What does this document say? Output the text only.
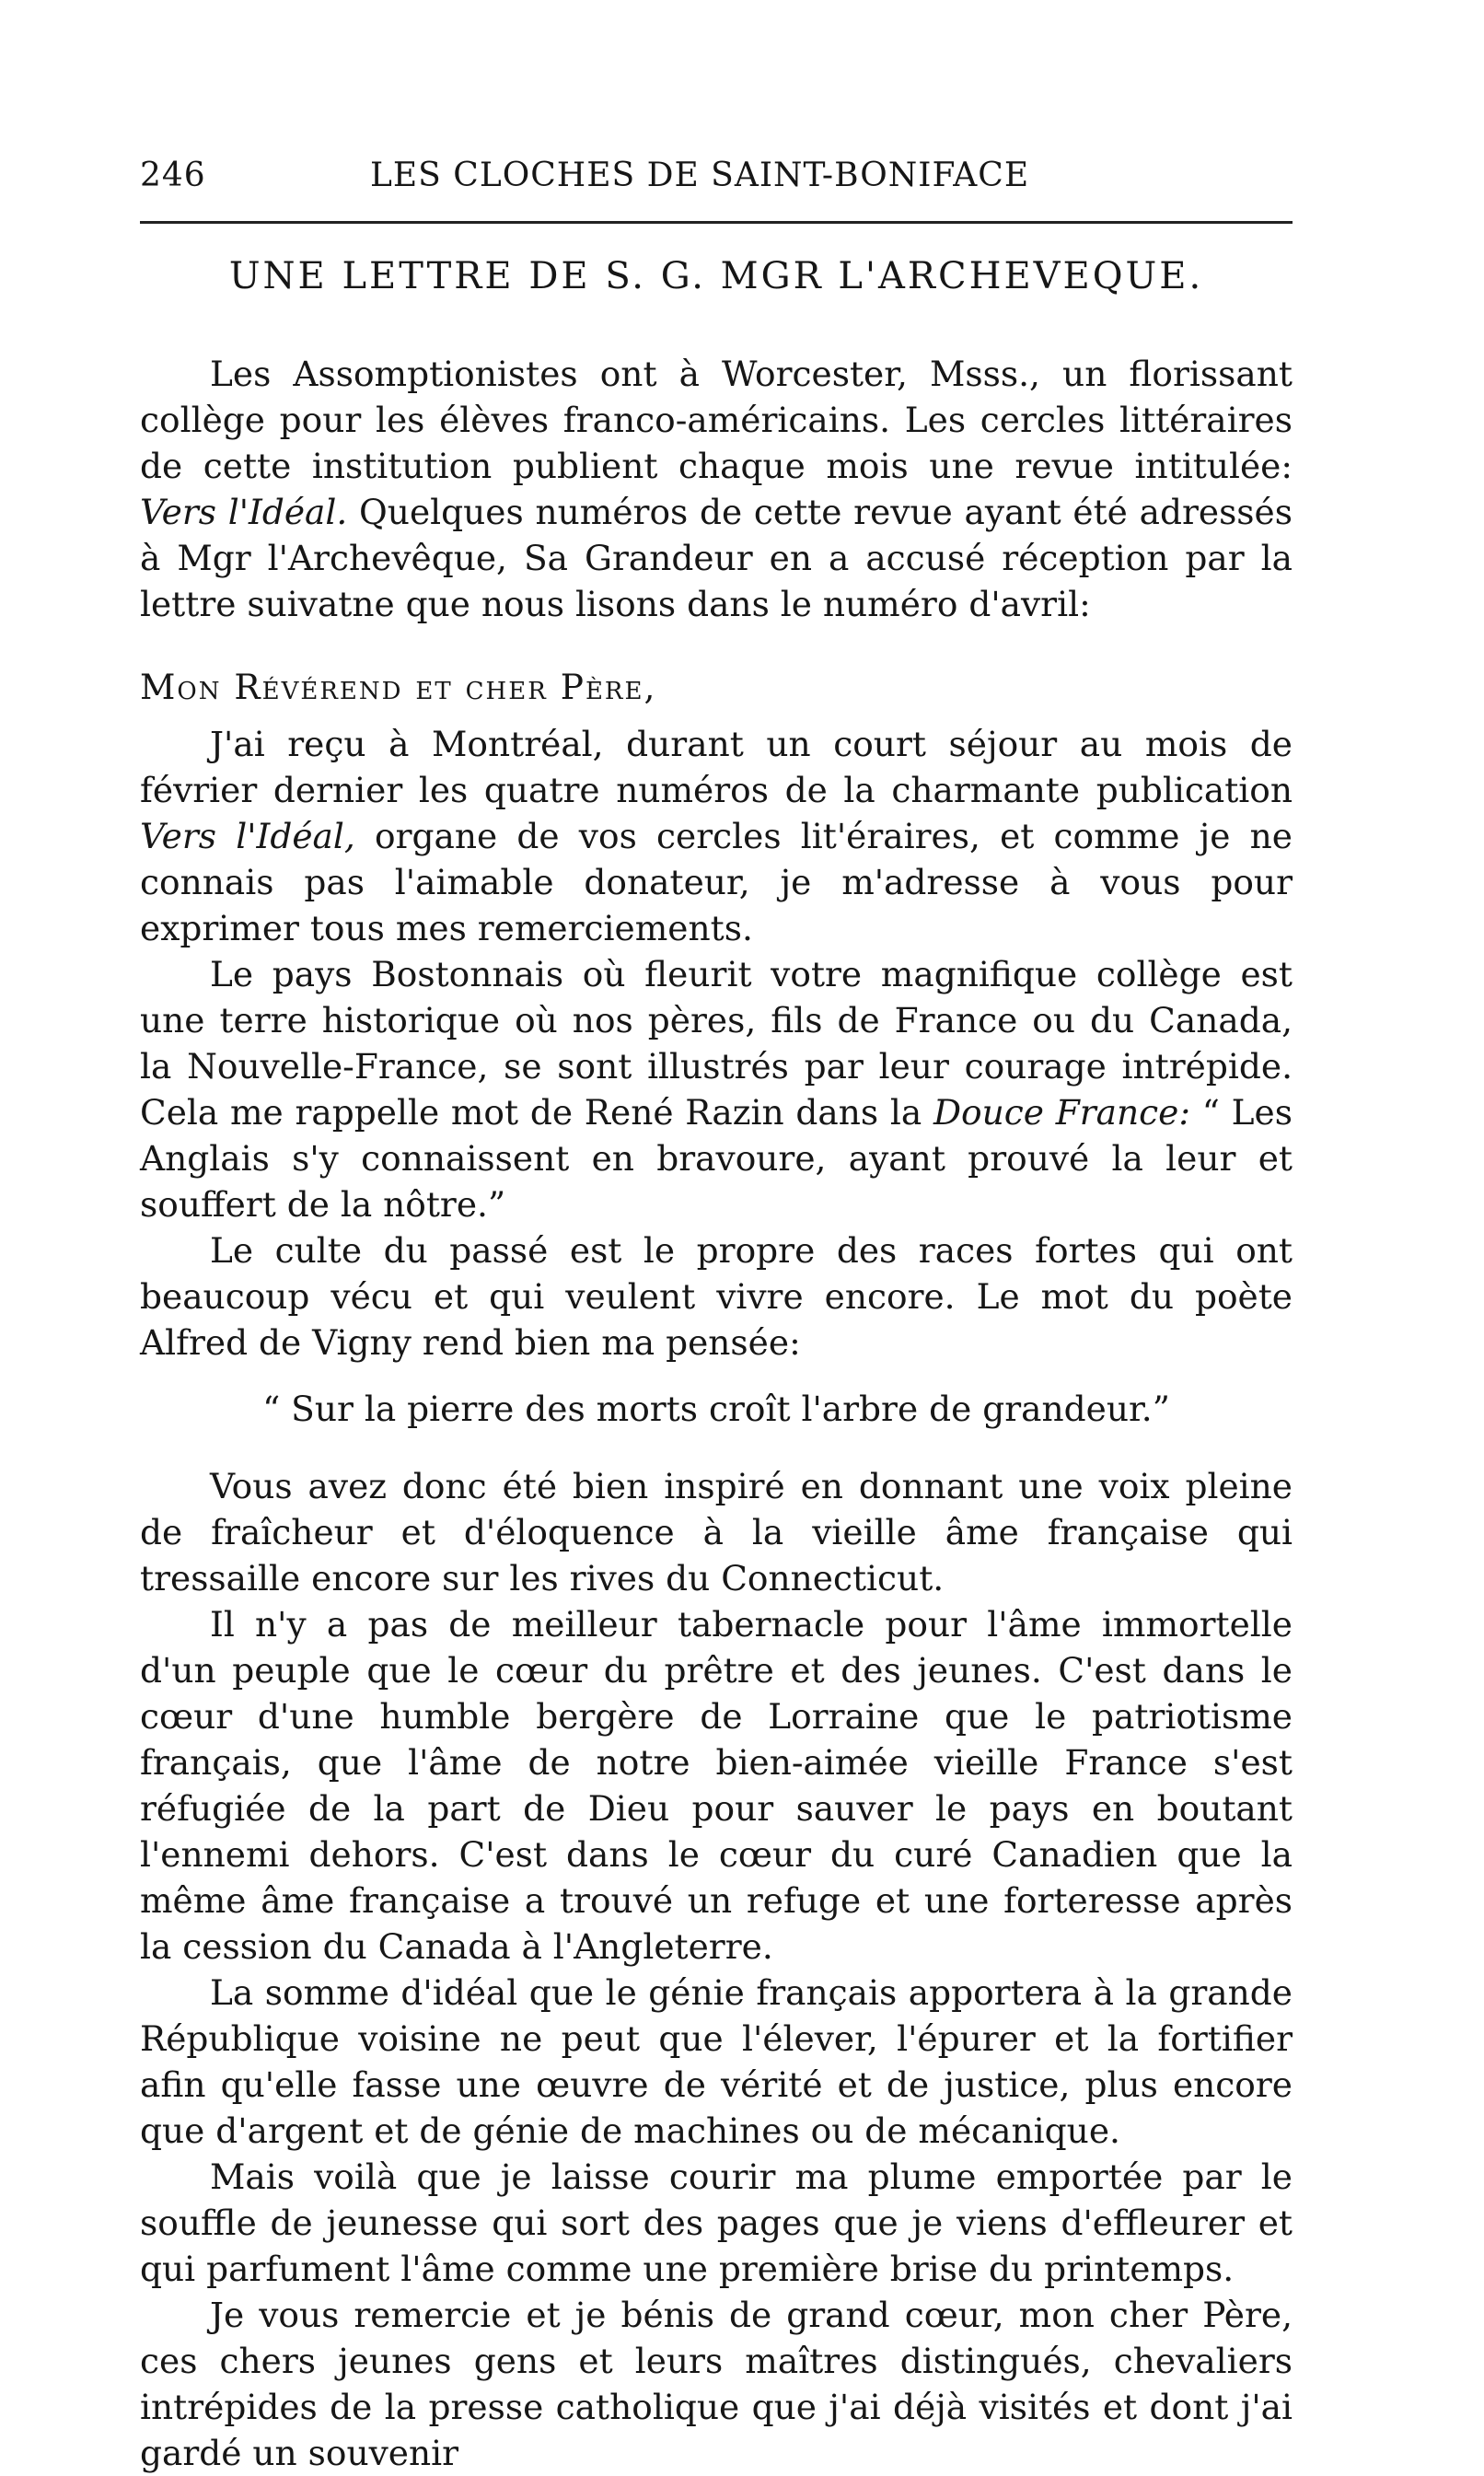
246	LES CLOCHES DE SAINT-BONIFACE
UNE LETTRE DE S. G. MGR L'ARCHEVEQUE.

Les Assomptionistes ont à Worcester, Msss., un florissant collège pour les élèves franco-américains. Les cercles littéraires de cette institution publient chaque mois une revue intitulée: Vers l'Idéal. Quelques numéros de cette revue ayant été adressés à Mgr l'Archevêque, Sa Grandeur en a accusé réception par la lettre suivatne que nous lisons dans le numéro d'avril:

Mon Révérend et cher Père,

J'ai reçu à Montréal, durant un court séjour au mois de février dernier les quatre numéros de la charmante publication Vers l'Idéal, organe de vos cercles lit'éraires, et comme je ne connais pas l'aimable donateur, je m'adresse à vous pour exprimer tous mes remerciements.

Le pays Bostonnais où fleurit votre magnifique collège est une terre historique où nos pères, fils de France ou du Canada, la Nouvelle-France, se sont illustrés par leur courage intrépide. Cela me rappelle mot de René Razin dans la Douce France: “ Les Anglais s'y connaissent en bravoure, ayant prouvé la leur et souffert de la nôtre.”

Le culte du passé est le propre des races fortes qui ont beaucoup vécu et qui veulent vivre encore. Le mot du poète Alfred de Vigny rend bien ma pensée:

“ Sur la pierre des morts croît l'arbre de grandeur.”

Vous avez donc été bien inspiré en donnant une voix pleine de fraîcheur et d'éloquence à la vieille âme française qui tressaille encore sur les rives du Connecticut.

Il n'y a pas de meilleur tabernacle pour l'âme immortelle d'un peuple que le cœur du prêtre et des jeunes. C'est dans le cœur d'une humble bergère de Lorraine que le patriotisme français, que l'âme de notre bien-aimée vieille France s'est réfugiée de la part de Dieu pour sauver le pays en boutant l'ennemi dehors. C'est dans le cœur du curé Canadien que la même âme française a trouvé un refuge et une forteresse après la cession du Canada à l'Angleterre.

La somme d'idéal que le génie français apportera à la grande République voisine ne peut que l'élever, l'épurer et la fortifier afin qu'elle fasse une œuvre de vérité et de justice, plus encore que d'argent et de génie de machines ou de mécanique.

Mais voilà que je laisse courir ma plume emportée par le souffle de jeunesse qui sort des pages que je viens d'effleurer et qui parfument l'âme comme une première brise du printemps.

Je vous remercie et je bénis de grand cœur, mon cher Père, ces chers jeunes gens et leurs maîtres distingués, chevaliers intrépides de la presse catholique que j'ai déjà visités et dont j'ai gardé un souvenir
